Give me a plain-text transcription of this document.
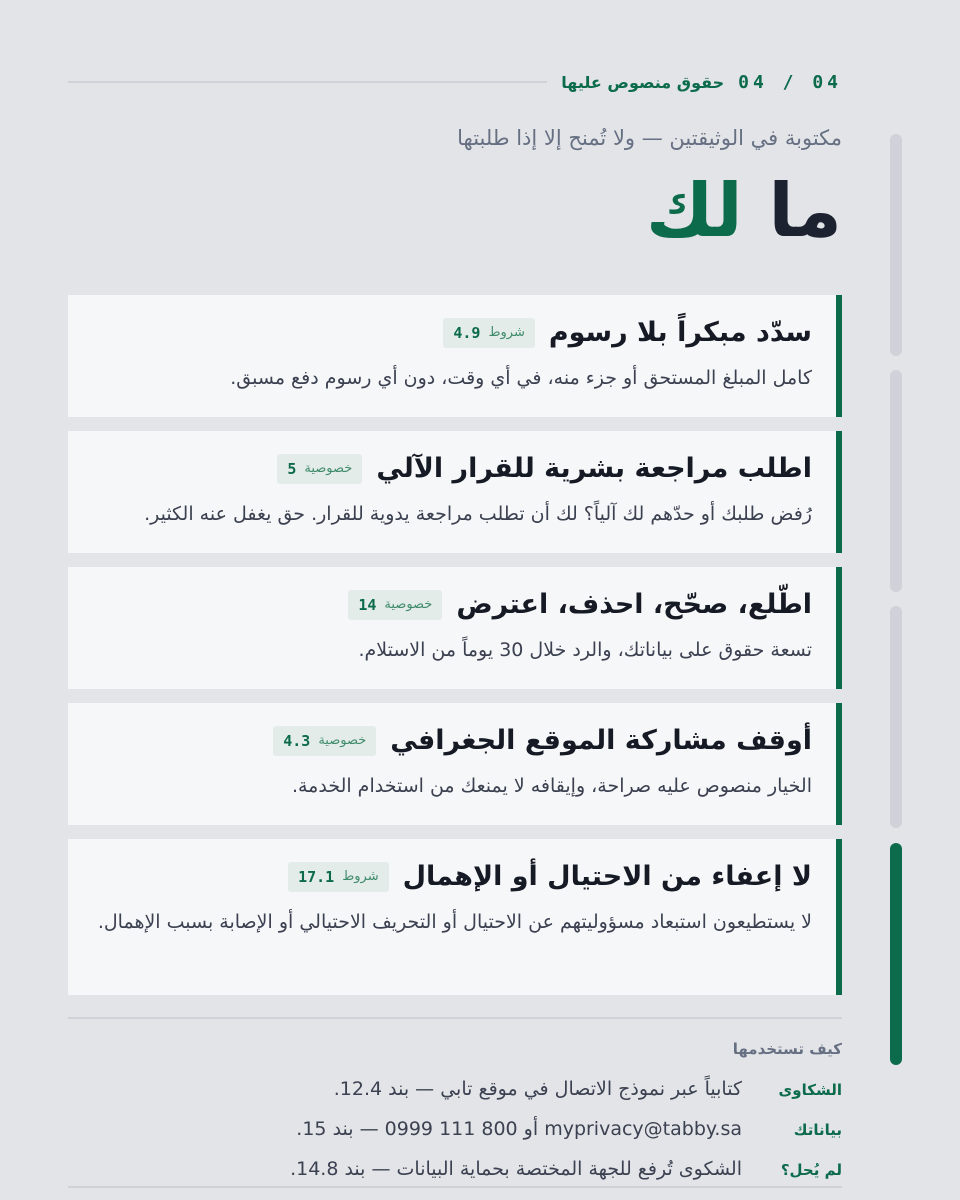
04 / 04
حقوق منصوص عليها
مكتوبة في الوثيقتين — ولا تُمنح إلا إذا طلبتها
ما لك
سدّد مبكراً بلا رسوم
شروط
4.9
كامل المبلغ المستحق أو جزء منه، في أي وقت، دون أي رسوم دفع مسبق.
اطلب مراجعة بشرية للقرار الآلي
خصوصية
5
رُفض طلبك أو حدّهم لك آلياً؟ لك أن تطلب مراجعة يدوية للقرار. حق يغفل عنه الكثير.
اطّلع، صحّح، احذف، اعترض
خصوصية
14
تسعة حقوق على بياناتك، والرد خلال 30 يوماً من الاستلام.
أوقف مشاركة الموقع الجغرافي
خصوصية
4.3
الخيار منصوص عليه صراحة، وإيقافه لا يمنعك من استخدام الخدمة.
لا إعفاء من الاحتيال أو الإهمال
شروط
17.1
لا يستطيعون استبعاد مسؤوليتهم عن الاحتيال أو التحريف الاحتيالي أو الإصابة بسبب الإهمال.
كيف تستخدمها
الشكاوى
كتابياً عبر نموذج الاتصال في موقع تابي — بند 12.4.
بياناتك
myprivacy@tabby.sa أو 800 111 0999 — بند 15.
لم يُحل؟
الشكوى تُرفع للجهة المختصة بحماية البيانات — بند 14.8.
